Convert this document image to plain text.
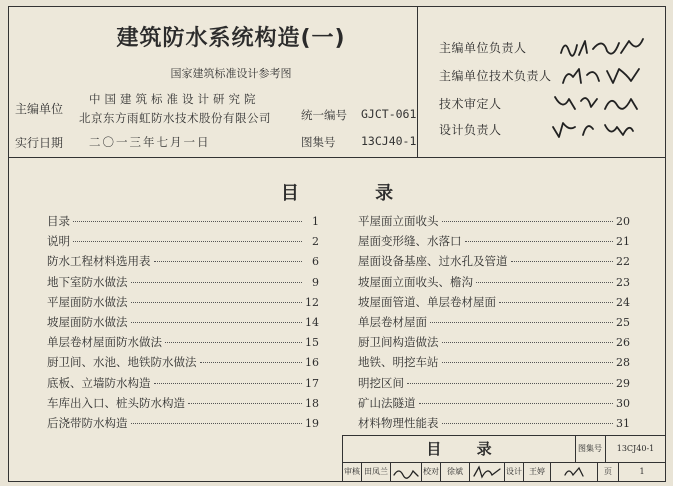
建筑防水系统构造(一)
国家建筑标准设计参考图
主编单位
中国建筑标准设计研究院
北京东方雨虹防水技术股份有限公司
实行日期 二〇一三年七月一日
统一编号 GJCT-061
图集号 13CJ40-1
主编单位负责人
主编单位技术负责人
技术审定人
设计负责人
目 录
目录	1
说明	2
防水工程材料选用表	6
地下室防水做法	9
平屋面防水做法	12
坡屋面防水做法	14
单层卷材屋面防水做法	15
厨卫间、水池、地铁防水做法	16
底板、立墙防水构造	17
车库出入口、桩头防水构造	18
后浇带防水构造	19
平屋面立面收头	20
屋面变形缝、水落口	21
屋面设备基座、过水孔及管道	22
坡屋面立面收头、檐沟	23
坡屋面管道、单层卷材屋面	24
单层卷材屋面	25
厨卫间构造做法	26
地铁、明挖车站	28
明挖区间	29
矿山法隧道	30
材料物理性能表	31
目 录	图集号	13CJ40-1
审核 田凤兰	校对	徐斌	设计 王婷	页	1
